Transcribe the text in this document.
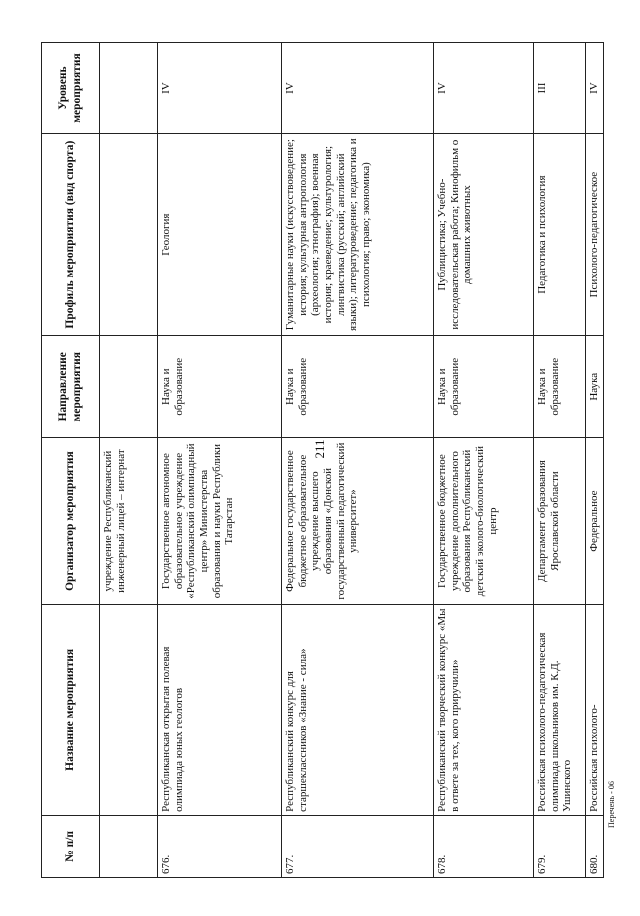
211
№ п/п	Название мероприятия	Организатор мероприятия	Направление мероприятия	Профиль мероприятия (вид спорта)	Уровень мероприятия
		учреждение Республиканский инженерный лицей – интернат			
676.	Республиканская открытая полевая олимпиада юных геологов	Государственное автономное образовательное учреждение «Республиканский олимпиадный центр» Министерства образования и науки Республики Татарстан	Наука и образование	Геология	IV
677.	Республиканский конкурс для старшеклассников «Знание - сила»	Федеральное государственное бюджетное образовательное учреждение высшего образования «Донской государственный педагогический университет»	Наука и образование	Гуманитарные науки (искусствоведение; история; культурная антропология (археология; этнография); военная история; краеведение; культурология; лингвистика (русский; английский языки); литературоведение; педагогика и психология; право; экономика)	IV
678.	Республиканский творческий конкурс «Мы в ответе за тех, кого приручили»	Государственное бюджетное учреждение дополнительного образования Республиканский детский эколого-биологический центр	Наука и образование	Публицистика; Учебно-исследовательская работа; Кинофильм о домашних животных	IV
679.	Российская психолого-педагогическая олимпиада школьников им. К.Д. Ушинского	Департамент образования Ярославской области	Наука и образование	Педагогика и психология	III
680.	Российская психолого-	Федеральное	Наука	Психолого-педагогическое	IV
Перечень - 06
